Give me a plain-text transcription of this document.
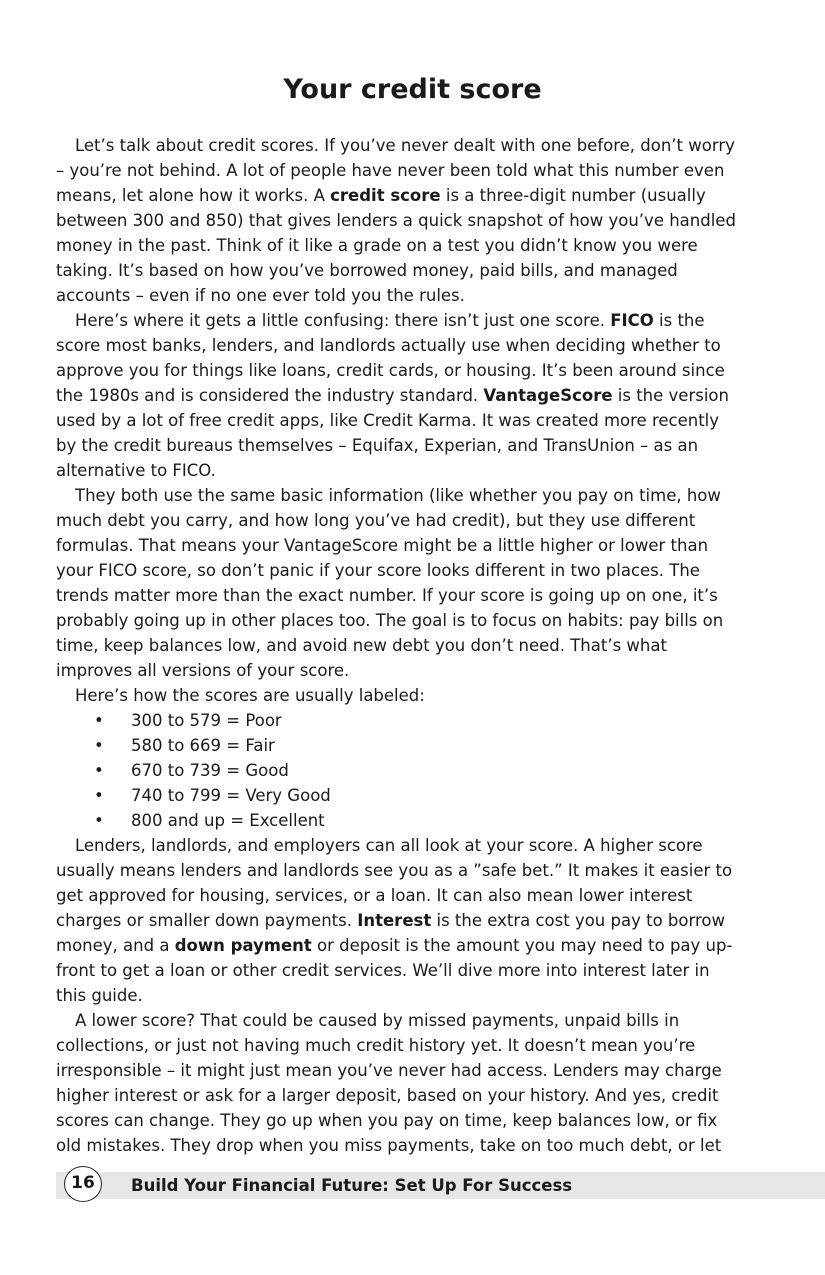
Your credit score

Let’s talk about credit scores. If you’ve never dealt with one before, don’t worry – you’re not behind. A lot of people have never been told what this number even means, let alone how it works. A credit score is a three-digit number (usually between 300 and 850) that gives lenders a quick snapshot of how you’ve handled money in the past. Think of it like a grade on a test you didn’t know you were taking. It’s based on how you’ve borrowed money, paid bills, and managed accounts – even if no one ever told you the rules.

Here’s where it gets a little confusing: there isn’t just one score. FICO is the score most banks, lenders, and landlords actually use when deciding whether to approve you for things like loans, credit cards, or housing. It’s been around since the 1980s and is considered the industry standard. VantageScore is the version used by a lot of free credit apps, like Credit Karma. It was created more recently by the credit bureaus themselves – Equifax, Experian, and TransUnion – as an alternative to FICO.

They both use the same basic information (like whether you pay on time, how much debt you carry, and how long you’ve had credit), but they use different formulas. That means your VantageScore might be a little higher or lower than your FICO score, so don’t panic if your score looks different in two places. The trends matter more than the exact number. If your score is going up on one, it’s probably going up in other places too. The goal is to focus on habits: pay bills on time, keep balances low, and avoid new debt you don’t need. That’s what improves all versions of your score.

Here’s how the scores are usually labeled:

• 300 to 579 = Poor
• 580 to 669 = Fair
• 670 to 739 = Good
• 740 to 799 = Very Good
• 800 and up = Excellent

Lenders, landlords, and employers can all look at your score. A higher score usually means lenders and landlords see you as a ”safe bet.” It makes it easier to get approved for housing, services, or a loan. It can also mean lower interest charges or smaller down payments. Interest is the extra cost you pay to borrow money, and a down payment or deposit is the amount you may need to pay up-front to get a loan or other credit services. We’ll dive more into interest later in this guide.

A lower score? That could be caused by missed payments, unpaid bills in collections, or just not having much credit history yet. It doesn’t mean you’re irresponsible – it might just mean you’ve never had access. Lenders may charge higher interest or ask for a larger deposit, based on your history. And yes, credit scores can change. They go up when you pay on time, keep balances low, or fix old mistakes. They drop when you miss payments, take on too much debt, or let

16	Build Your Financial Future: Set Up For Success
